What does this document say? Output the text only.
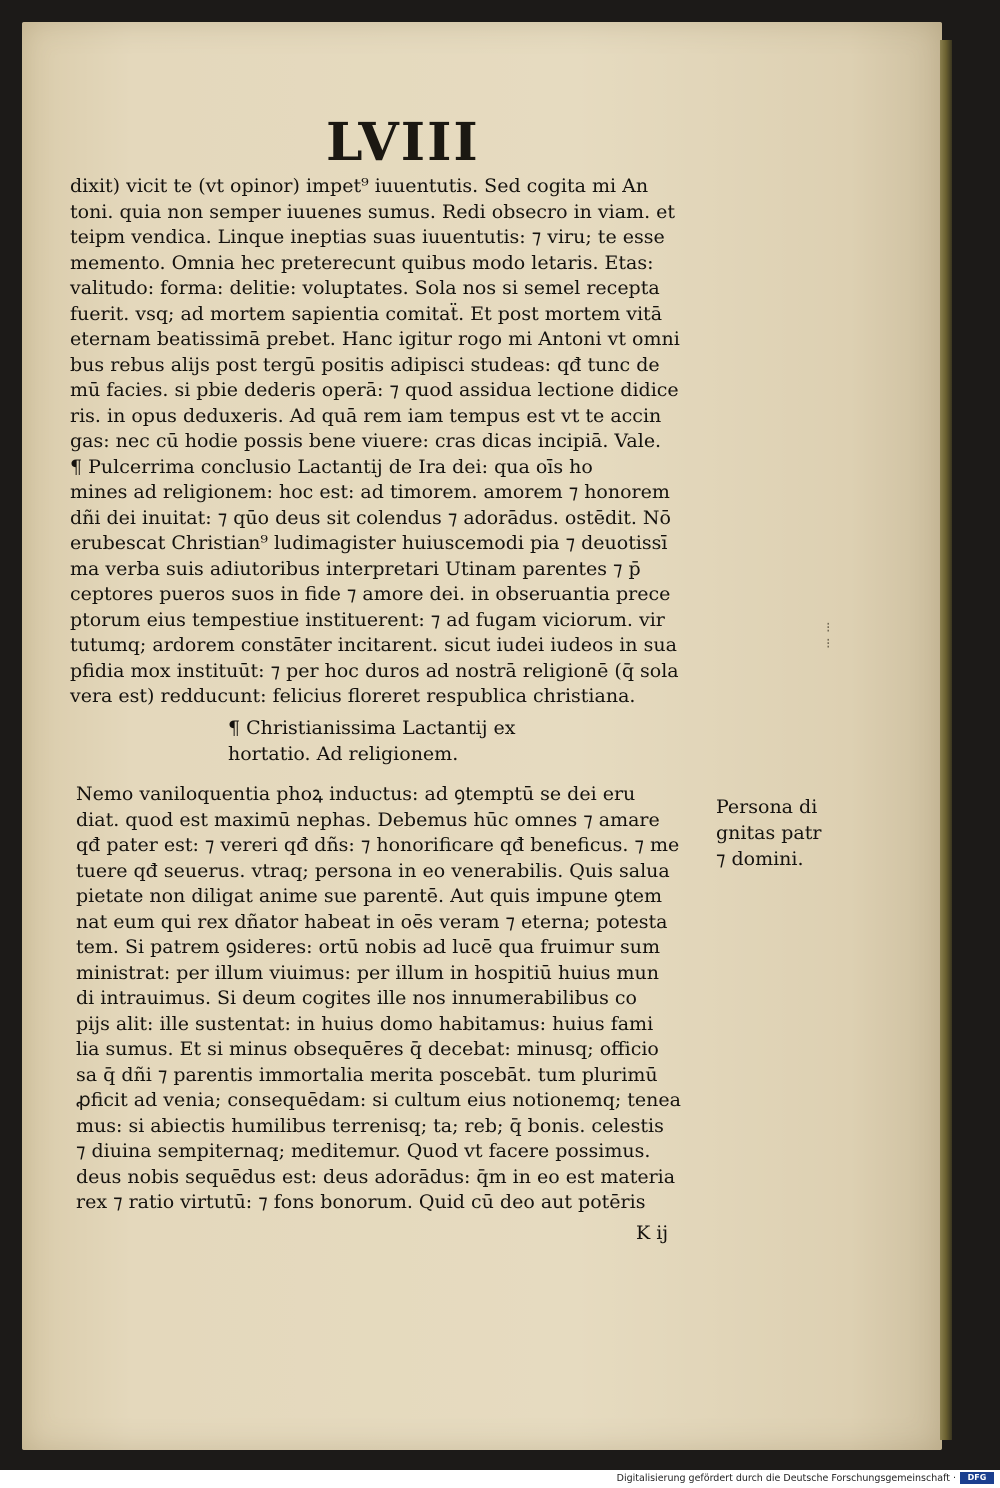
LVIII
dixit) vicit te (vt opinor) impet⁹ iuuentutis. Sed cogita mi An
toni. quia non semper iuuenes sumus. Redi obsecro in viam. et
teipm vendica. Linque ineptias suas iuuentutis: ⁊ viru; te esse
memento. Omnia hec preterecunt quibus modo letaris. Etas:
valitudo: forma: delitie: voluptates. Sola nos si semel recepta
fuerit. vsq; ad mortem sapientia comitaẗ. Et post mortem vitā
eternam beatissimā prebet. Hanc igitur rogo mi Antoni vt omni
bus rebus alijs post tergū positis adipisci studeas: qđ tunc de
mū facies. si pbie dederis operā: ⁊ quod assidua lectione didice
ris. in opus deduxeris. Ad quā rem iam tempus est vt te accin
gas: nec cū hodie possis bene viuere: cras dicas incipiā. Vale.
¶ Pulcerrima conclusio Lactantij de Ira dei: qua oīs ho
mines ad religionem: hoc est: ad timorem. amorem ⁊ honorem
dñi dei inuitat: ⁊ qūo deus sit colendus ⁊ adorādus. ostēdit. Nō
erubescat Christian⁹ ludimagister huiuscemodi pia ⁊ deuotissī
ma verba suis adiutoribus interpretari Utinam parentes ⁊ p̄
ceptores pueros suos in fide ⁊ amore dei. in obseruantia prece
ptorum eius tempestiue instituerent: ⁊ ad fugam viciorum. vir
tutumq; ardorem constāter incitarent. sicut iudei iudeos in sua
pfidia mox instituūt: ⁊ per hoc duros ad nostrā religionē (q̄ sola
vera est) redducunt: felicius floreret respublica christiana.
¶ Christianissima Lactantij ex
hortatio. Ad religionem.
Nemo vaniloquentia phoꝝ inductus: ad ꝯtemptū se dei eru
diat. quod est maximū nephas. Debemus hūc omnes ⁊ amare
qđ pater est: ⁊ vereri qđ dñs: ⁊ honorificare qđ beneficus. ⁊ me
tuere qđ seuerus. vtraq; persona in eo venerabilis. Quis salua
pietate non diligat anime sue parentē. Aut quis impune ꝯtem
nat eum qui rex dñator habeat in oēs veram ⁊ eterna; potesta
tem. Si patrem ꝯsideres: ortū nobis ad lucē qua fruimur sum
ministrat: per illum viuimus: per illum in hospitiū huius mun
di intrauimus. Si deum cogites ille nos innumerabilibus co
pijs alit: ille sustentat: in huius domo habitamus: huius fami
lia sumus. Et si minus obsequēres q̄ decebat: minusq; officio
sa q̄ dñi ⁊ parentis immortalia merita poscebāt. tum plurimū
ꝓficit ad venia; consequēdam: si cultum eius notionemq; tenea
mus: si abiectis humilibus terrenisq; ta; reb; q̄ bonis. celestis
⁊ diuina sempiternaq; meditemur. Quod vt facere possimus.
deus nobis sequēdus est: deus adorādus: q̄m in eo est materia
rex ⁊ ratio virtutū: ⁊ fons bonorum. Quid cū deo aut potēris
Persona di
gnitas patr
⁊ domini.
⁝
⁝
K ij
Digitalisierung gefördert durch die Deutsche Forschungsgemeinschaft ·	DFG
